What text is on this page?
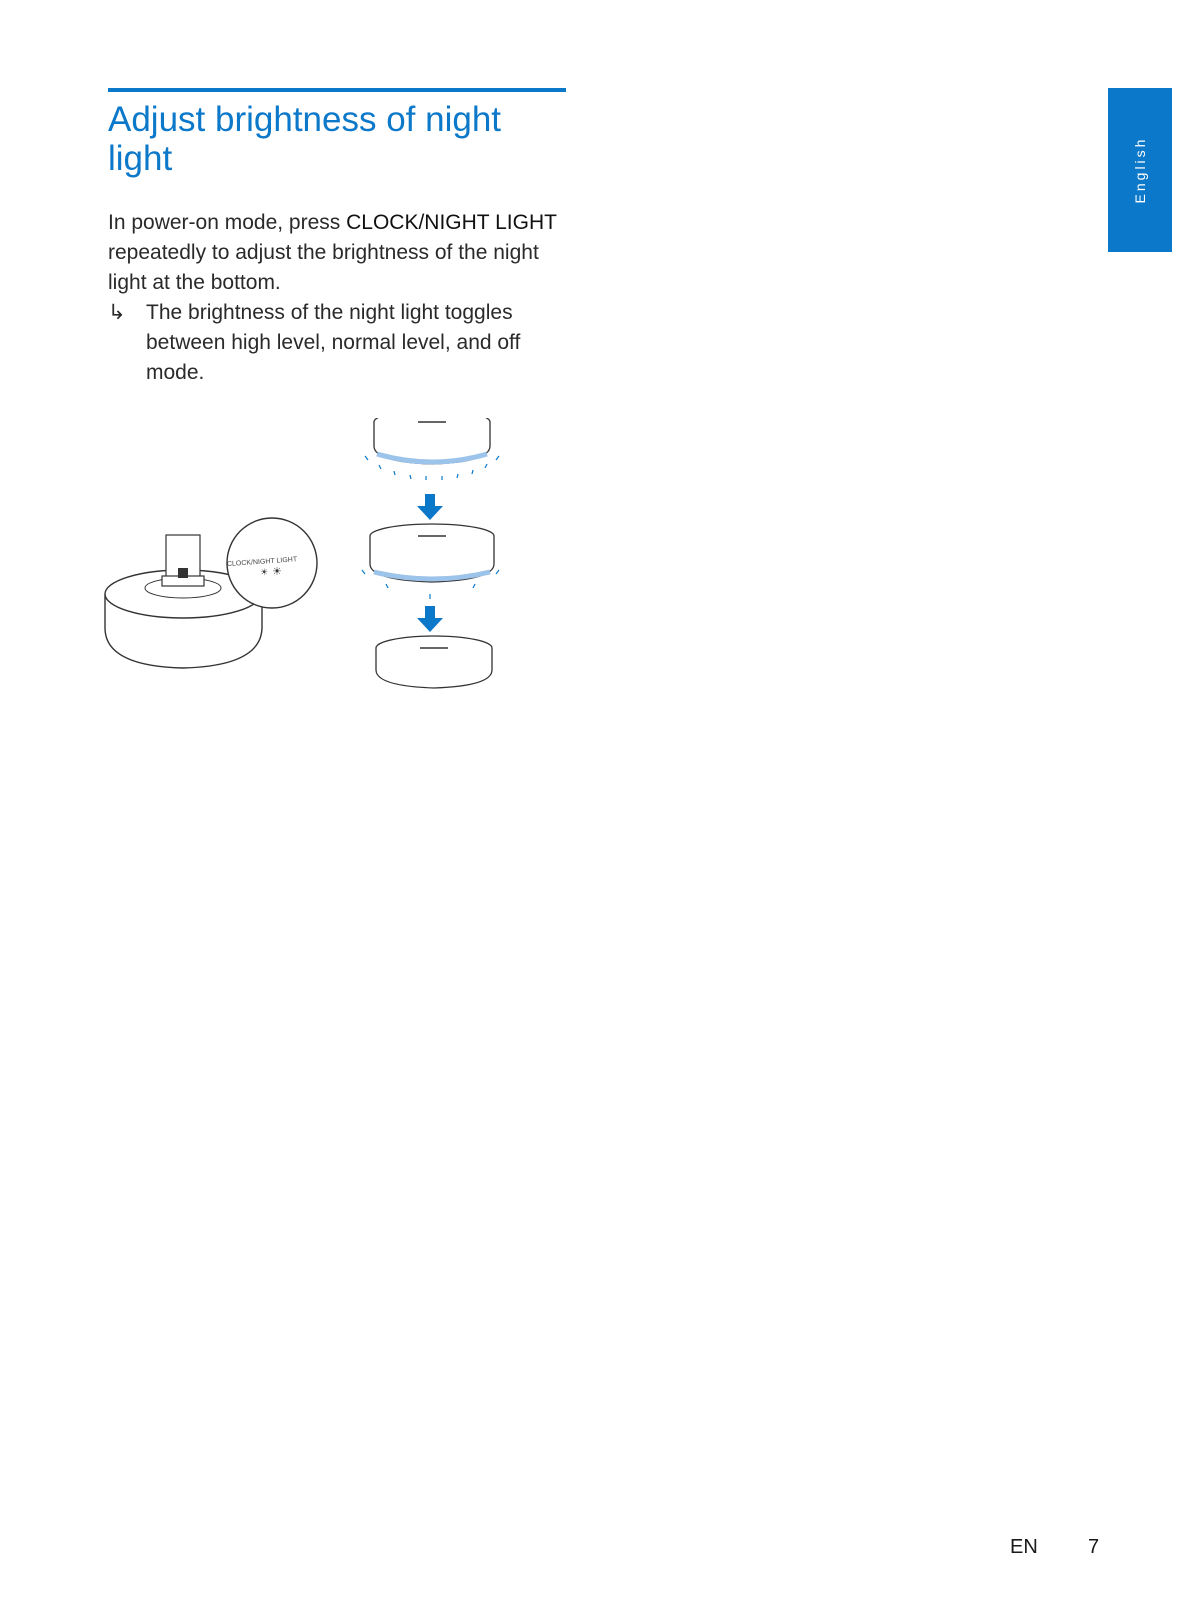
Adjust brightness of night light

In power-on mode, press CLOCK/NIGHT LIGHT repeatedly to adjust the brightness of the night light at the bottom.

↳ The brightness of the night light toggles between high level, normal level, and off mode.

CLOCK/NIGHT LIGHT
☀ ☀
English
EN	7
